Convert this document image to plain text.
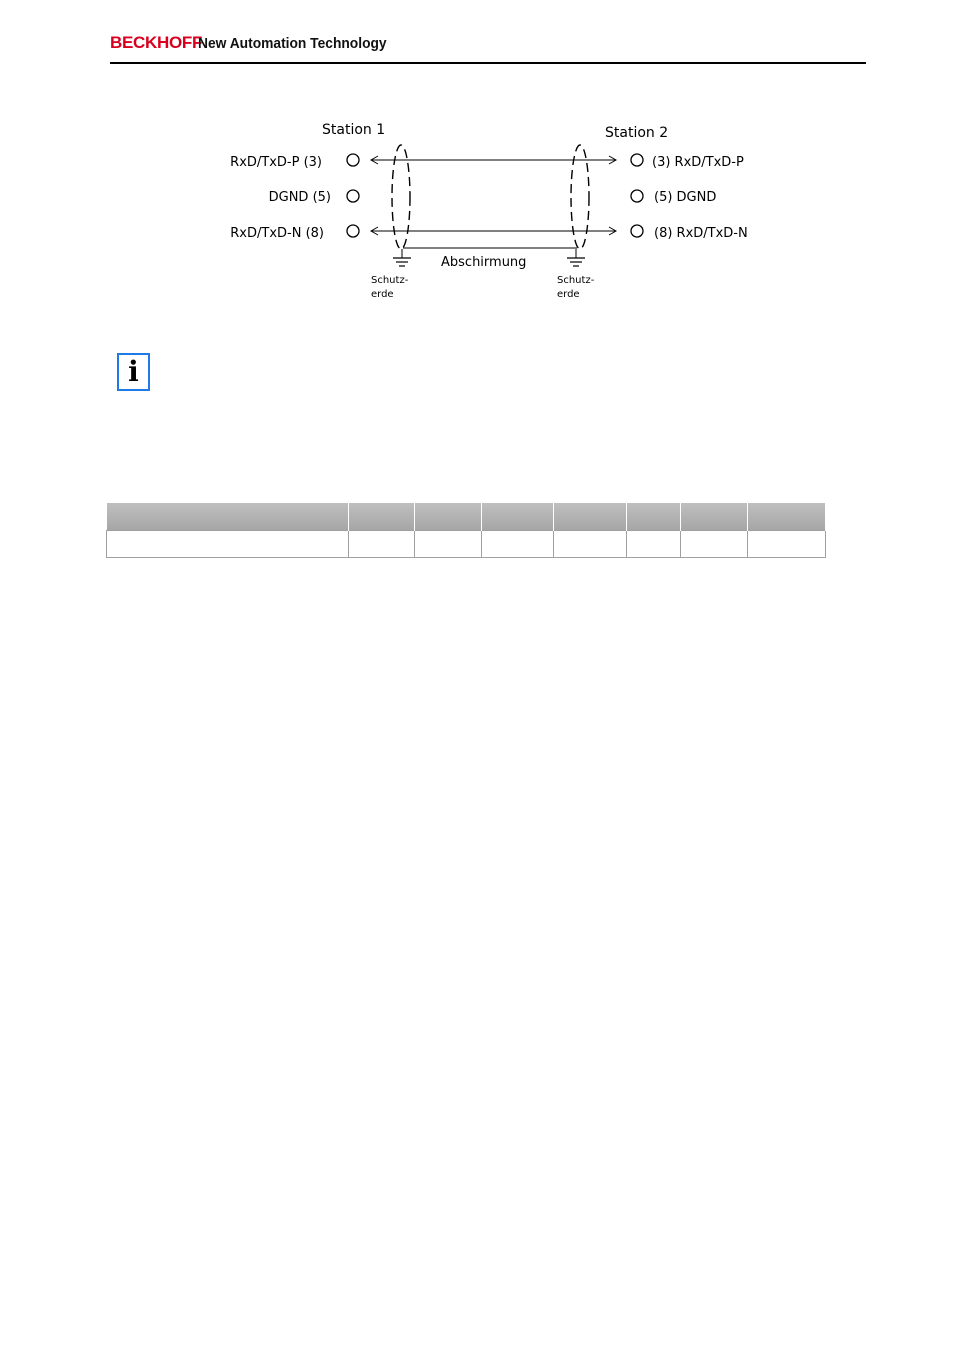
BECKHOFF
New Automation Technology
Station 1	Station 2
RxD/TxD-P (3)
DGND (5)
RxD/TxD-N (8)
(3) RxD/TxD-P
(5) DGND
(8) RxD/TxD-N
Schutz-
erde
Schutz-
erde
Abschirmung
i
